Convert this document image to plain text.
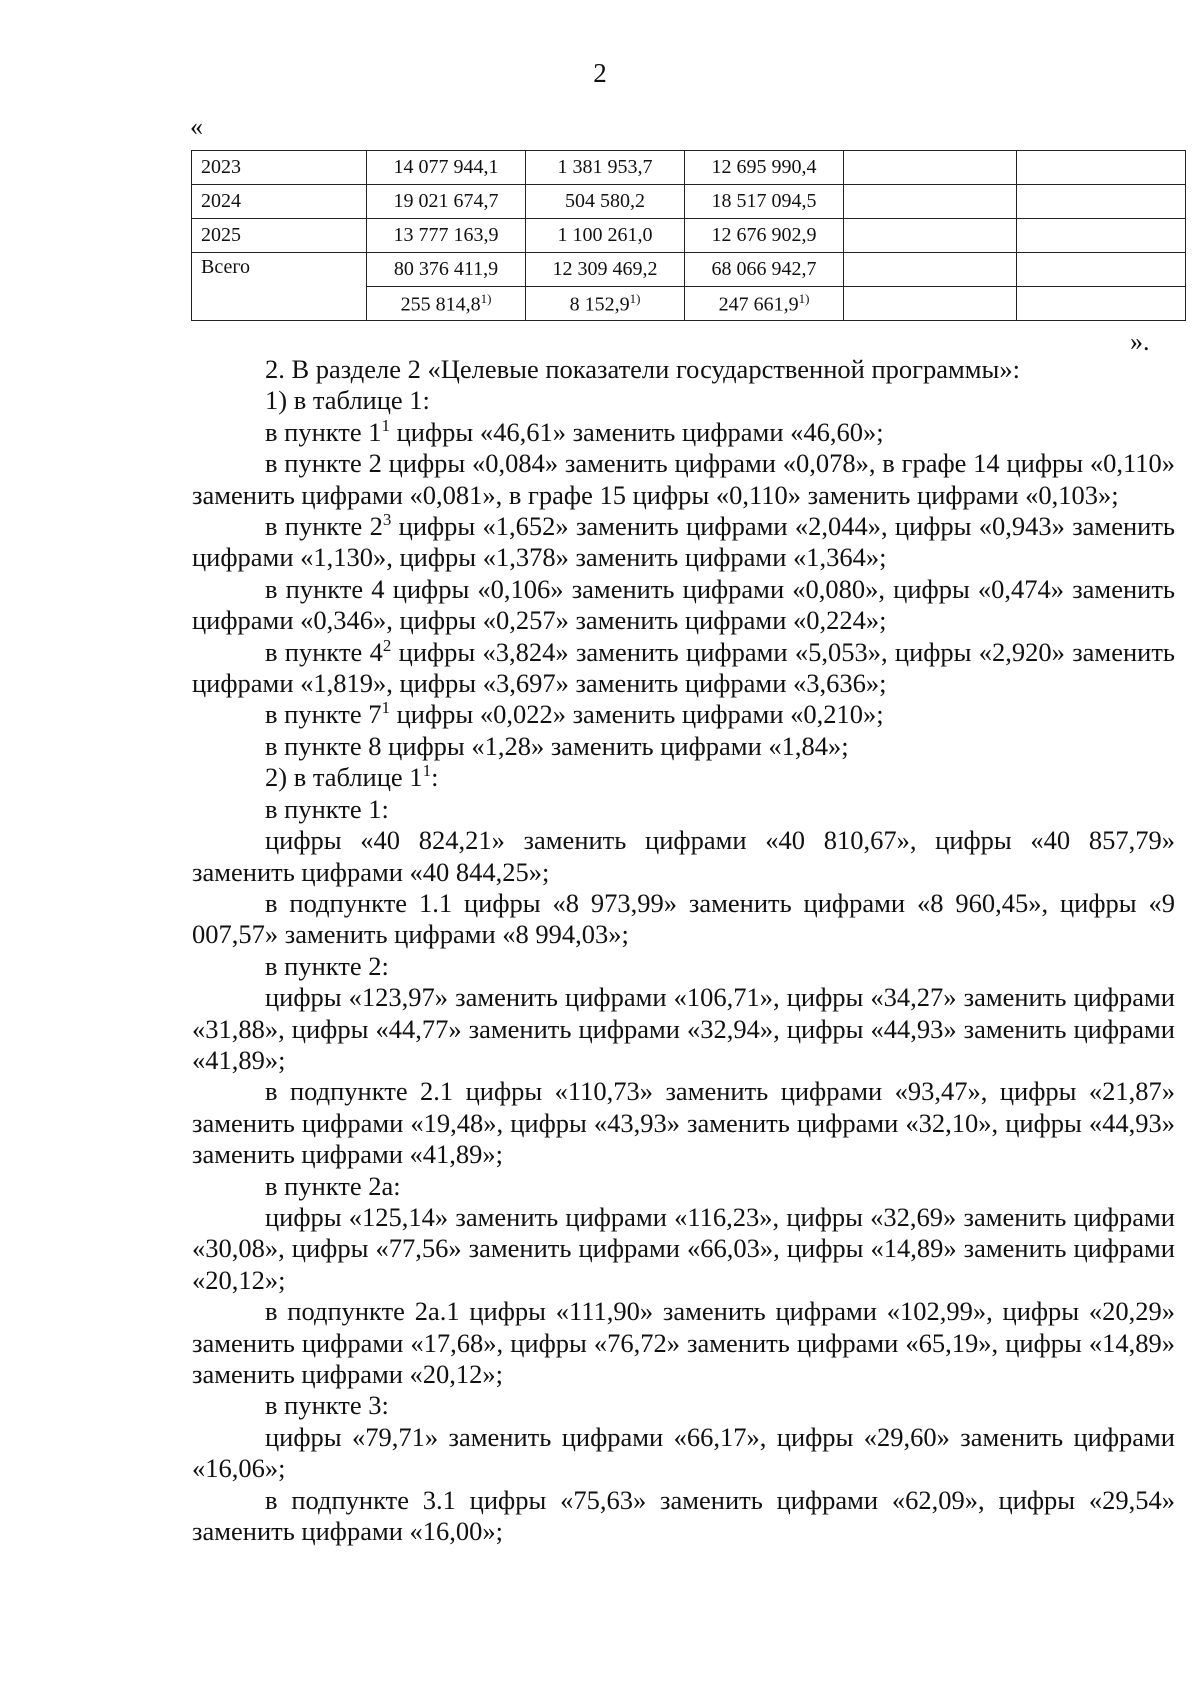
2
«
2023	14 077 944,1	1 381 953,7	12 695 990,4		
2024	19 021 674,7	504 580,2	18 517 094,5		
2025	13 777 163,9	1 100 261,0	12 676 902,9		
Всего	80 376 411,9	12 309 469,2	68 066 942,7		
	255 814,8$^{1)}$	8 152,9$^{1)}$	247 661,9$^{1)}$		
».

2. В разделе 2 «Целевые показатели государственной программы»:

1) в таблице 1:

в пункте $1^1$ цифры «46,61» заменить цифрами «46,60»;

в пункте 2 цифры «0,084» заменить цифрами «0,078», в графе 14 цифры «0,110» заменить цифрами «0,081», в графе 15 цифры «0,110» заменить цифрами «0,103»;

в пункте $2^3$ цифры «1,652» заменить цифрами «2,044», цифры «0,943» заменить цифрами «1,130», цифры «1,378» заменить цифрами «1,364»;

в пункте 4 цифры «0,106» заменить цифрами «0,080», цифры «0,474» заменить цифрами «0,346», цифры «0,257» заменить цифрами «0,224»;

в пункте $4^2$ цифры «3,824» заменить цифрами «5,053», цифры «2,920» заменить цифрами «1,819», цифры «3,697» заменить цифрами «3,636»;

в пункте $7^1$ цифры «0,022» заменить цифрами «0,210»;

в пункте 8 цифры «1,28» заменить цифрами «1,84»;

2) в таблице $1^1$:

в пункте 1:

цифры «40 824,21» заменить цифрами «40 810,67», цифры «40 857,79» заменить цифрами «40 844,25»;

в подпункте 1.1 цифры «8 973,99» заменить цифрами «8 960,45», цифры «9 007,57» заменить цифрами «8 994,03»;

в пункте 2:

цифры «123,97» заменить цифрами «106,71», цифры «34,27» заменить цифрами «31,88», цифры «44,77» заменить цифрами «32,94», цифры «44,93» заменить цифрами «41,89»;

в подпункте 2.1 цифры «110,73» заменить цифрами «93,47», цифры «21,87» заменить цифрами «19,48», цифры «43,93» заменить цифрами «32,10», цифры «44,93» заменить цифрами «41,89»;

в пункте 2а:

цифры «125,14» заменить цифрами «116,23», цифры «32,69» заменить цифрами «30,08», цифры «77,56» заменить цифрами «66,03», цифры «14,89» заменить цифрами «20,12»;

в подпункте 2а.1 цифры «111,90» заменить цифрами «102,99», цифры «20,29» заменить цифрами «17,68», цифры «76,72» заменить цифрами «65,19», цифры «14,89» заменить цифрами «20,12»;

в пункте 3:

цифры «79,71» заменить цифрами «66,17», цифры «29,60» заменить цифрами «16,06»;

в подпункте 3.1 цифры «75,63» заменить цифрами «62,09», цифры «29,54» заменить цифрами «16,00»;
